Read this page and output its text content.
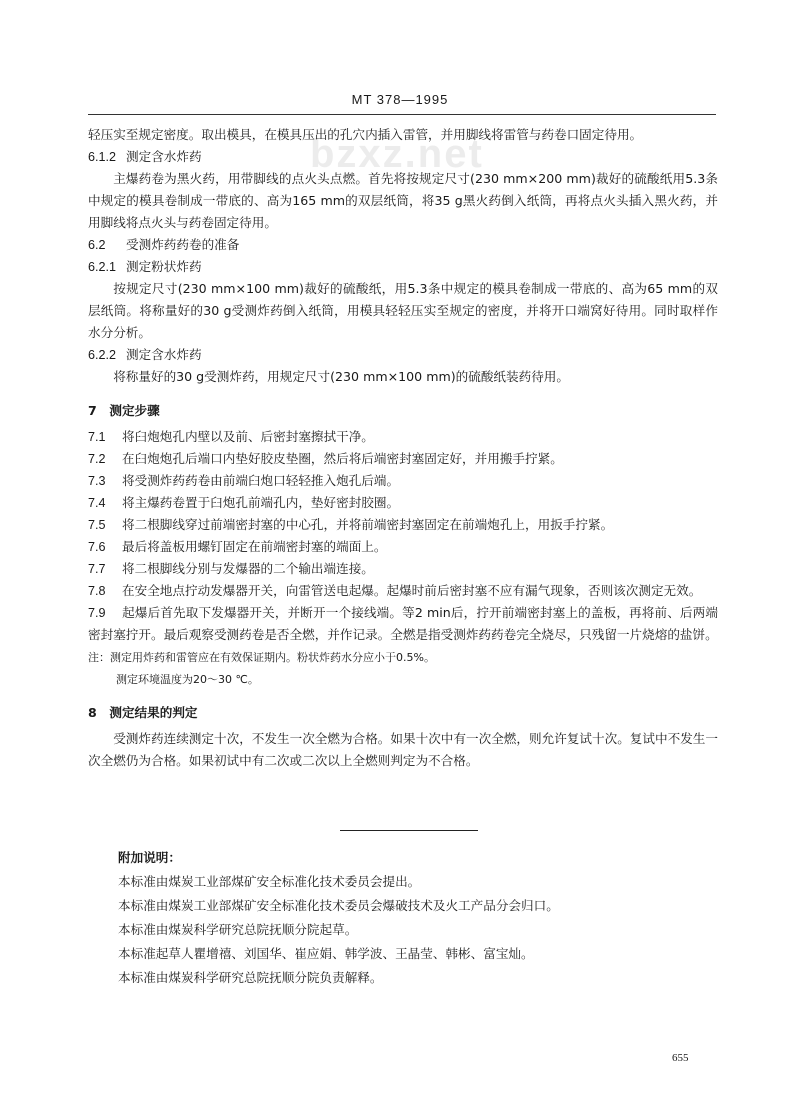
bzxz.net
MT 378—1995

轻压实至规定密度。取出模具，在模具压出的孔穴内插入雷管，并用脚线将雷管与药卷口固定待用。

6.1.2 测定含水炸药

主爆药卷为黑火药，用带脚线的点火头点燃。首先将按规定尺寸(230 mm×200 mm)裁好的硫酸纸用5.3条中规定的模具卷制成一带底的、高为165 mm的双层纸筒，将35 g黑火药倒入纸筒，再将点火头插入黑火药，并用脚线将点火头与药卷固定待用。

6.2 受测炸药药卷的准备

6.2.1 测定粉状炸药

按规定尺寸(230 mm×100 mm)裁好的硫酸纸，用5.3条中规定的模具卷制成一带底的、高为65 mm的双层纸筒。将称量好的30 g受测炸药倒入纸筒，用模具轻轻压实至规定的密度，并将开口端窝好待用。同时取样作水分分析。

6.2.2 测定含水炸药

将称量好的30 g受测炸药，用规定尺寸(230 mm×100 mm)的硫酸纸装药待用。

7　测定步骤

7.1 将臼炮炮孔内壁以及前、后密封塞擦拭干净。

7.2 在臼炮炮孔后端口内垫好胶皮垫圈，然后将后端密封塞固定好，并用搬手拧紧。

7.3 将受测炸药药卷由前端臼炮口轻轻推入炮孔后端。

7.4 将主爆药卷置于臼炮孔前端孔内，垫好密封胶圈。

7.5 将二根脚线穿过前端密封塞的中心孔，并将前端密封塞固定在前端炮孔上，用扳手拧紧。

7.6 最后将盖板用螺钉固定在前端密封塞的端面上。

7.7 将二根脚线分别与发爆器的二个输出端连接。

7.8 在安全地点拧动发爆器开关，向雷管送电起爆。起爆时前后密封塞不应有漏气现象，否则该次测定无效。

7.9 起爆后首先取下发爆器开关，并断开一个接线端。等2 min后，拧开前端密封塞上的盖板，再将前、后两端密封塞拧开。最后观察受测药卷是否全燃，并作记录。全燃是指受测炸药药卷完全烧尽，只残留一片烧熔的盐饼。

注：测定用炸药和雷管应在有效保证期内。粉状炸药水分应小于0.5%。

测定环境温度为20～30 ℃。

8　测定结果的判定

受测炸药连续测定十次，不发生一次全燃为合格。如果十次中有一次全燃，则允许复试十次。复试中不发生一次全燃仍为合格。如果初试中有二次或二次以上全燃则判定为不合格。

附加说明：
本标准由煤炭工业部煤矿安全标准化技术委员会提出。
本标准由煤炭工业部煤矿安全标准化技术委员会爆破技术及火工产品分会归口。
本标准由煤炭科学研究总院抚顺分院起草。
本标准起草人瞿增禧、刘国华、崔应娟、韩学波、王晶莹、韩彬、富宝灿。
本标准由煤炭科学研究总院抚顺分院负责解释。
655
